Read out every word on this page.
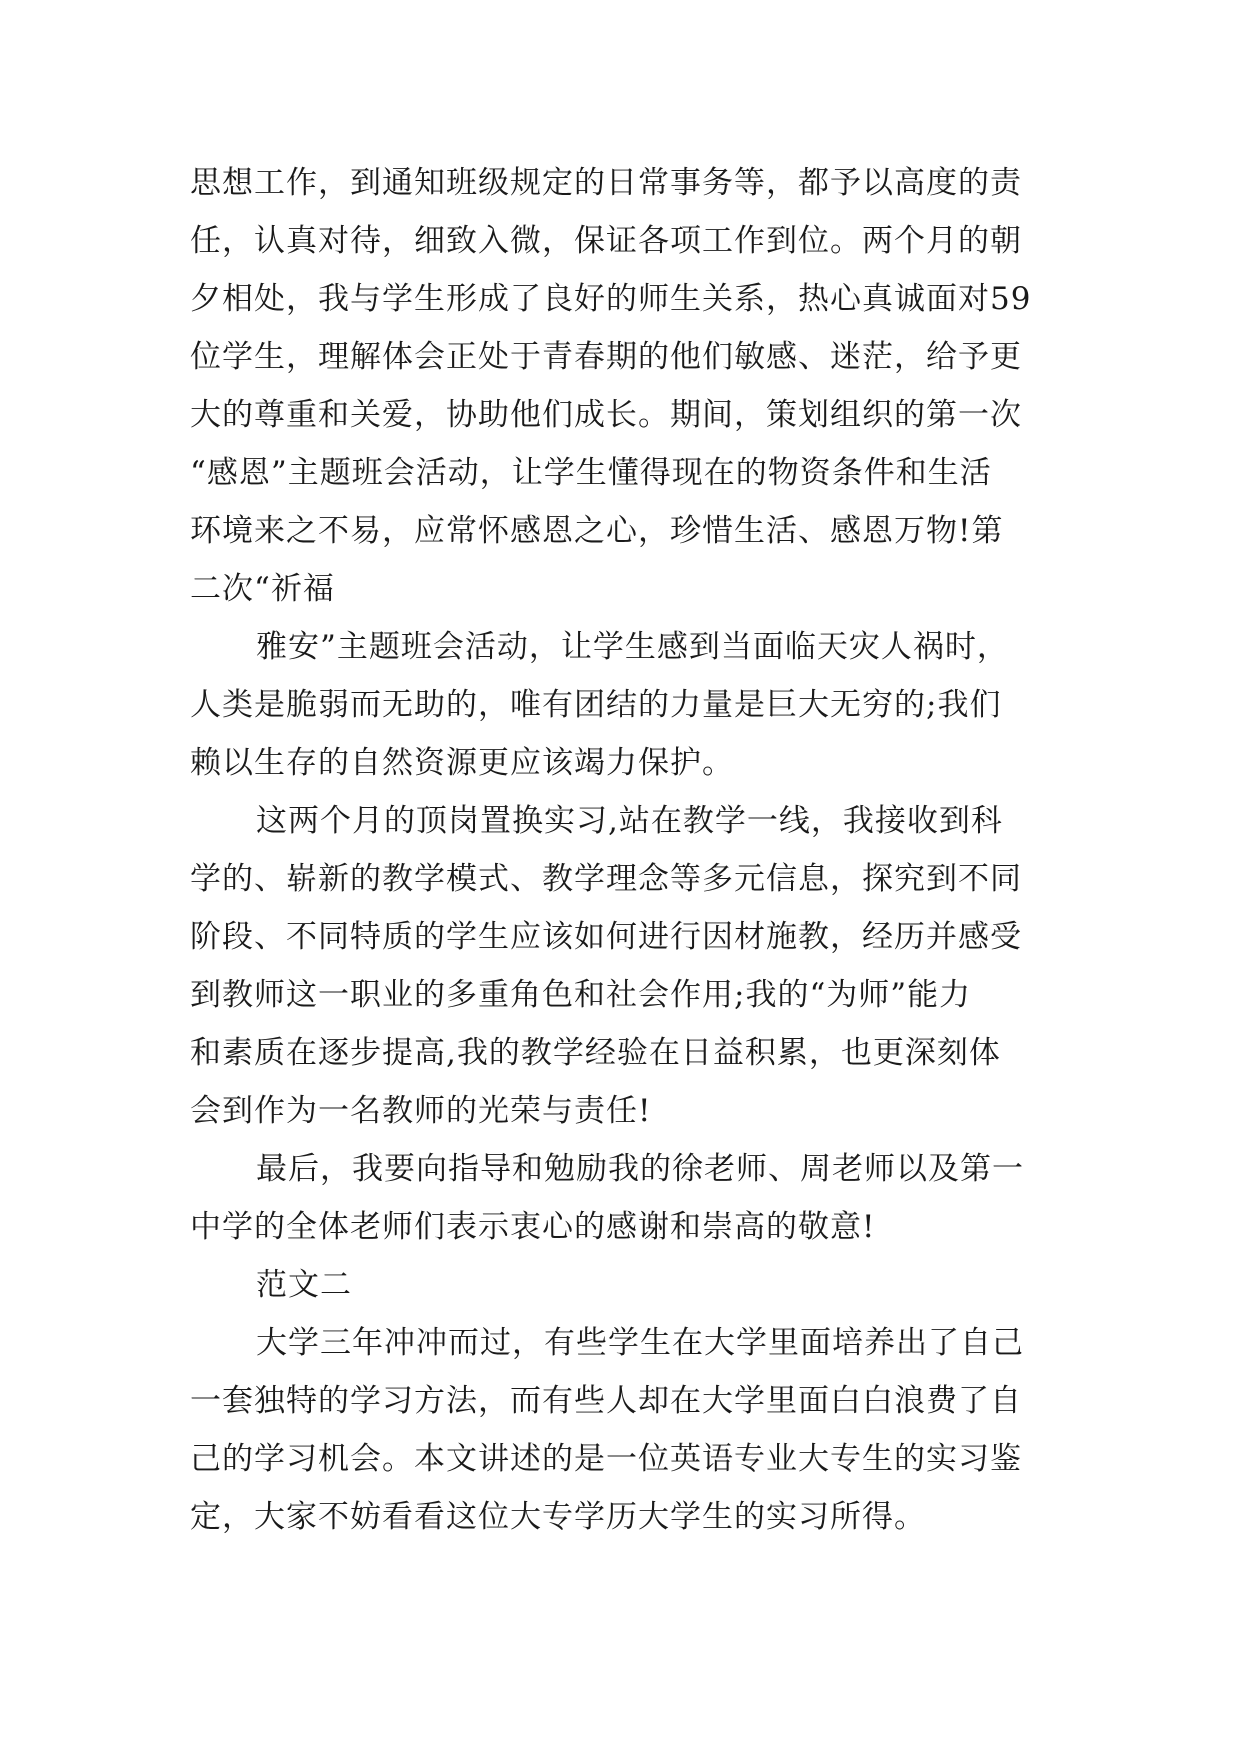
思想工作，到通知班级规定的日常事务等，都予以高度的责
任，认真对待，细致入微，保证各项工作到位。两个月的朝
夕相处，我与学生形成了良好的师生关系，热心真诚面对59
位学生，理解体会正处于青春期的他们敏感、迷茫，给予更
大的尊重和关爱，协助他们成长。期间，策划组织的第一次
“感恩”主题班会活动，让学生懂得现在的物资条件和生活
环境来之不易，应常怀感恩之心，珍惜生活、感恩万物!第
二次“祈福
雅安”主题班会活动，让学生感到当面临天灾人祸时，
人类是脆弱而无助的，唯有团结的力量是巨大无穷的;我们
赖以生存的自然资源更应该竭力保护。
这两个月的顶岗置换实习,站在教学一线，我接收到科
学的、崭新的教学模式、教学理念等多元信息，探究到不同
阶段、不同特质的学生应该如何进行因材施教，经历并感受
到教师这一职业的多重角色和社会作用;我的“为师”能力
和素质在逐步提高,我的教学经验在日益积累，也更深刻体
会到作为一名教师的光荣与责任!
最后，我要向指导和勉励我的徐老师、周老师以及第一
中学的全体老师们表示衷心的感谢和崇高的敬意!
范文二
大学三年冲冲而过，有些学生在大学里面培养出了自己
一套独特的学习方法，而有些人却在大学里面白白浪费了自
己的学习机会。本文讲述的是一位英语专业大专生的实习鉴
定，大家不妨看看这位大专学历大学生的实习所得。
